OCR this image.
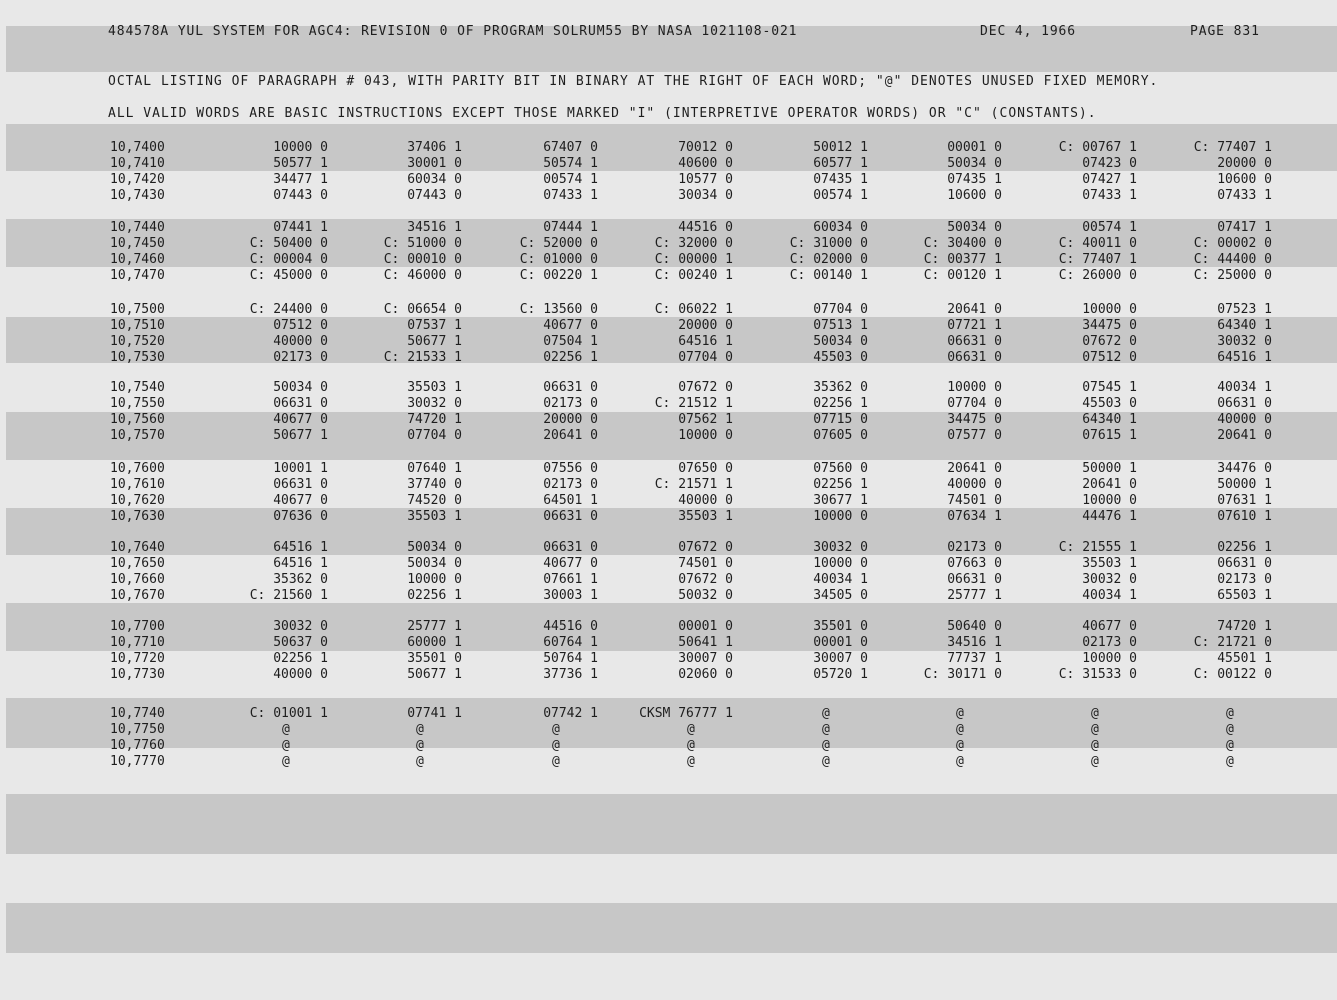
484578A YUL SYSTEM FOR AGC4: REVISION 0 OF PROGRAM SOLRUM55 BY NASA 1021108-021	DEC 4, 1966	PAGE 831
OCTAL LISTING OF PARAGRAPH # 043, WITH PARITY BIT IN BINARY AT THE RIGHT OF EACH WORD; "@" DENOTES UNUSED FIXED MEMORY.
ALL VALID WORDS ARE BASIC INSTRUCTIONS EXCEPT THOSE MARKED "I" (INTERPRETIVE OPERATOR WORDS) OR "C" (CONSTANTS).
10,7400	10000 0	37406 1	67407 0	70012 0	50012 1	00001 0	C: 00767 1	C: 77407 1
10,7410	50577 1	30001 0	50574 1	40600 0	60577 1	50034 0	07423 0	20000 0
10,7420	34477 1	60034 0	00574 1	10577 0	07435 1	07435 1	07427 1	10600 0
10,7430	07443 0	07443 0	07433 1	30034 0	00574 1	10600 0	07433 1	07433 1
10,7440	07441 1	34516 1	07444 1	44516 0	60034 0	50034 0	00574 1	07417 1
10,7450	C: 50400 0	C: 51000 0	C: 52000 0	C: 32000 0	C: 31000 0	C: 30400 0	C: 40011 0	C: 00002 0
10,7460	C: 00004 0	C: 00010 0	C: 01000 0	C: 00000 1	C: 02000 0	C: 00377 1	C: 77407 1	C: 44400 0
10,7470	C: 45000 0	C: 46000 0	C: 00220 1	C: 00240 1	C: 00140 1	C: 00120 1	C: 26000 0	C: 25000 0
10,7500	C: 24400 0	C: 06654 0	C: 13560 0	C: 06022 1	07704 0	20641 0	10000 0	07523 1
10,7510	07512 0	07537 1	40677 0	20000 0	07513 1	07721 1	34475 0	64340 1
10,7520	40000 0	50677 1	07504 1	64516 1	50034 0	06631 0	07672 0	30032 0
10,7530	02173 0	C: 21533 1	02256 1	07704 0	45503 0	06631 0	07512 0	64516 1
10,7540	50034 0	35503 1	06631 0	07672 0	35362 0	10000 0	07545 1	40034 1
10,7550	06631 0	30032 0	02173 0	C: 21512 1	02256 1	07704 0	45503 0	06631 0
10,7560	40677 0	74720 1	20000 0	07562 1	07715 0	34475 0	64340 1	40000 0
10,7570	50677 1	07704 0	20641 0	10000 0	07605 0	07577 0	07615 1	20641 0
10,7600	10001 1	07640 1	07556 0	07650 0	07560 0	20641 0	50000 1	34476 0
10,7610	06631 0	37740 0	02173 0	C: 21571 1	02256 1	40000 0	20641 0	50000 1
10,7620	40677 0	74520 0	64501 1	40000 0	30677 1	74501 0	10000 0	07631 1
10,7630	07636 0	35503 1	06631 0	35503 1	10000 0	07634 1	44476 1	07610 1
10,7640	64516 1	50034 0	06631 0	07672 0	30032 0	02173 0	C: 21555 1	02256 1
10,7650	64516 1	50034 0	40677 0	74501 0	10000 0	07663 0	35503 1	06631 0
10,7660	35362 0	10000 0	07661 1	07672 0	40034 1	06631 0	30032 0	02173 0
10,7670	C: 21560 1	02256 1	30003 1	50032 0	34505 0	25777 1	40034 1	65503 1
10,7700	30032 0	25777 1	44516 0	00001 0	35501 0	50640 0	40677 0	74720 1
10,7710	50637 0	60000 1	60764 1	50641 1	00001 0	34516 1	02173 0	C: 21721 0
10,7720	02256 1	35501 0	50764 1	30007 0	30007 0	77737 1	10000 0	45501 1
10,7730	40000 0	50677 1	37736 1	02060 0	05720 1	C: 30171 0	C: 31533 0	C: 00122 0
10,7740	C: 01001 1	07741 1	07742 1	CKSM 76777 1	@	@	@	@
10,7750	@	@	@	@	@	@	@	@
10,7760	@	@	@	@	@	@	@	@
10,7770	@	@	@	@	@	@	@	@
